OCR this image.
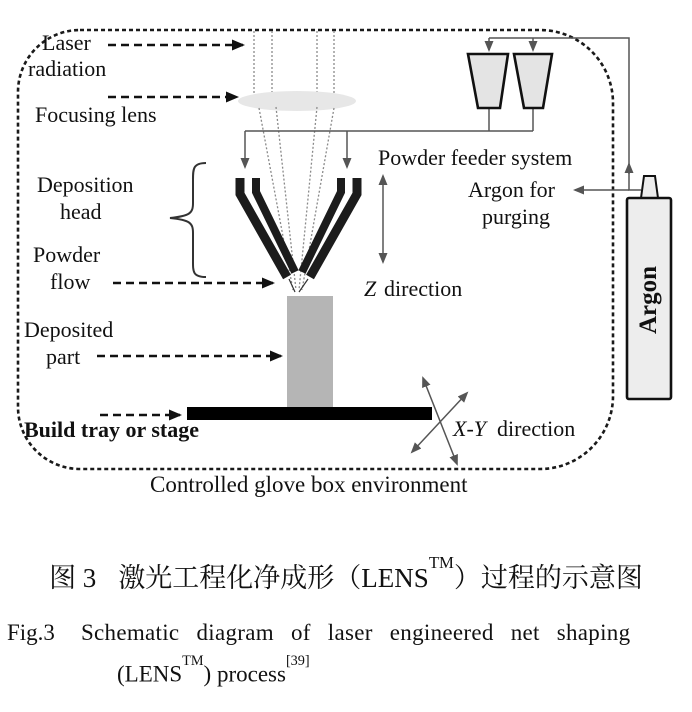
Argon
Laser
radiation
Focusing lens
Deposition
head
Powder
flow
Deposited
part
Build tray or stage
Powder feeder system
Argon for
purging
Z direction
X-Y direction
Controlled glove box environment
图 3 激光工程化净成形（LENS™）过程的示意图
Fig.3 Schematic diagram of laser engineered net shaping
(LENS™) process[39]
